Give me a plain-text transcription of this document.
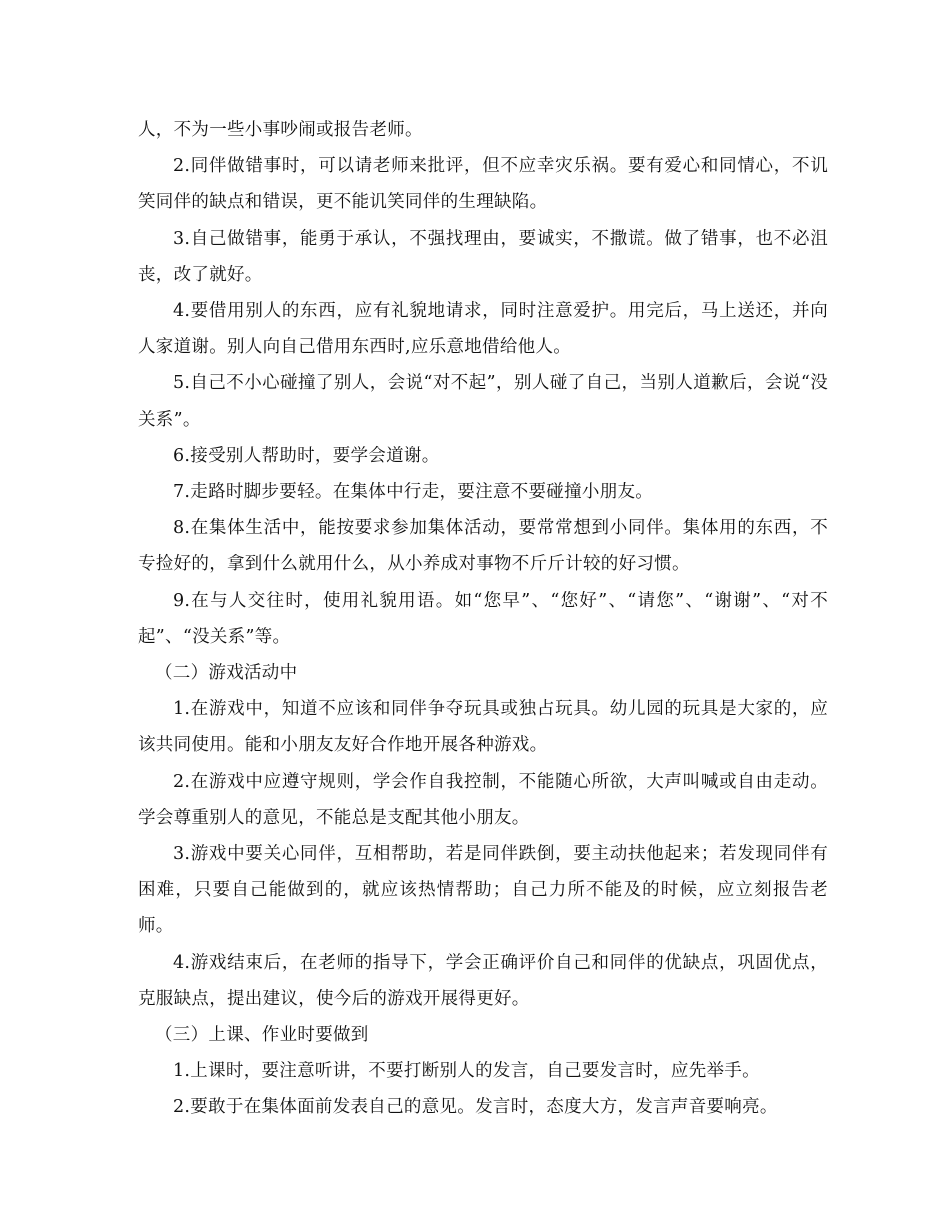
人，不为一些小事吵闹或报告老师。

2.同伴做错事时，可以请老师来批评，但不应幸灾乐祸。要有爱心和同情心，不讥笑同伴的缺点和错误，更不能讥笑同伴的生理缺陷。

3.自己做错事，能勇于承认，不强找理由，要诚实，不撒谎。做了错事，也不必沮丧，改了就好。

4.要借用别人的东西，应有礼貌地请求，同时注意爱护。用完后，马上送还，并向人家道谢。别人向自己借用东西时,应乐意地借给他人。

5.自己不小心碰撞了别人，会说“对不起”，别人碰了自己，当别人道歉后，会说“没关系”。

6.接受别人帮助时，要学会道谢。

7.走路时脚步要轻。在集体中行走，要注意不要碰撞小朋友。

8.在集体生活中，能按要求参加集体活动，要常常想到小同伴。集体用的东西，不专捡好的，拿到什么就用什么，从小养成对事物不斤斤计较的好习惯。

9.在与人交往时，使用礼貌用语。如“您早”、“您好”、“请您”、“谢谢”、“对不起”、“没关系”等。

（二）游戏活动中

1.在游戏中，知道不应该和同伴争夺玩具或独占玩具。幼儿园的玩具是大家的，应该共同使用。能和小朋友友好合作地开展各种游戏。

2.在游戏中应遵守规则，学会作自我控制，不能随心所欲，大声叫喊或自由走动。学会尊重别人的意见，不能总是支配其他小朋友。

3.游戏中要关心同伴，互相帮助，若是同伴跌倒，要主动扶他起来；若发现同伴有困难，只要自己能做到的，就应该热情帮助；自己力所不能及的时候，应立刻报告老师。

4.游戏结束后，在老师的指导下，学会正确评价自己和同伴的优缺点，巩固优点，克服缺点，提出建议，使今后的游戏开展得更好。

（三）上课、作业时要做到

1.上课时，要注意听讲，不要打断别人的发言，自己要发言时，应先举手。

2.要敢于在集体面前发表自己的意见。发言时，态度大方，发言声音要响亮。
